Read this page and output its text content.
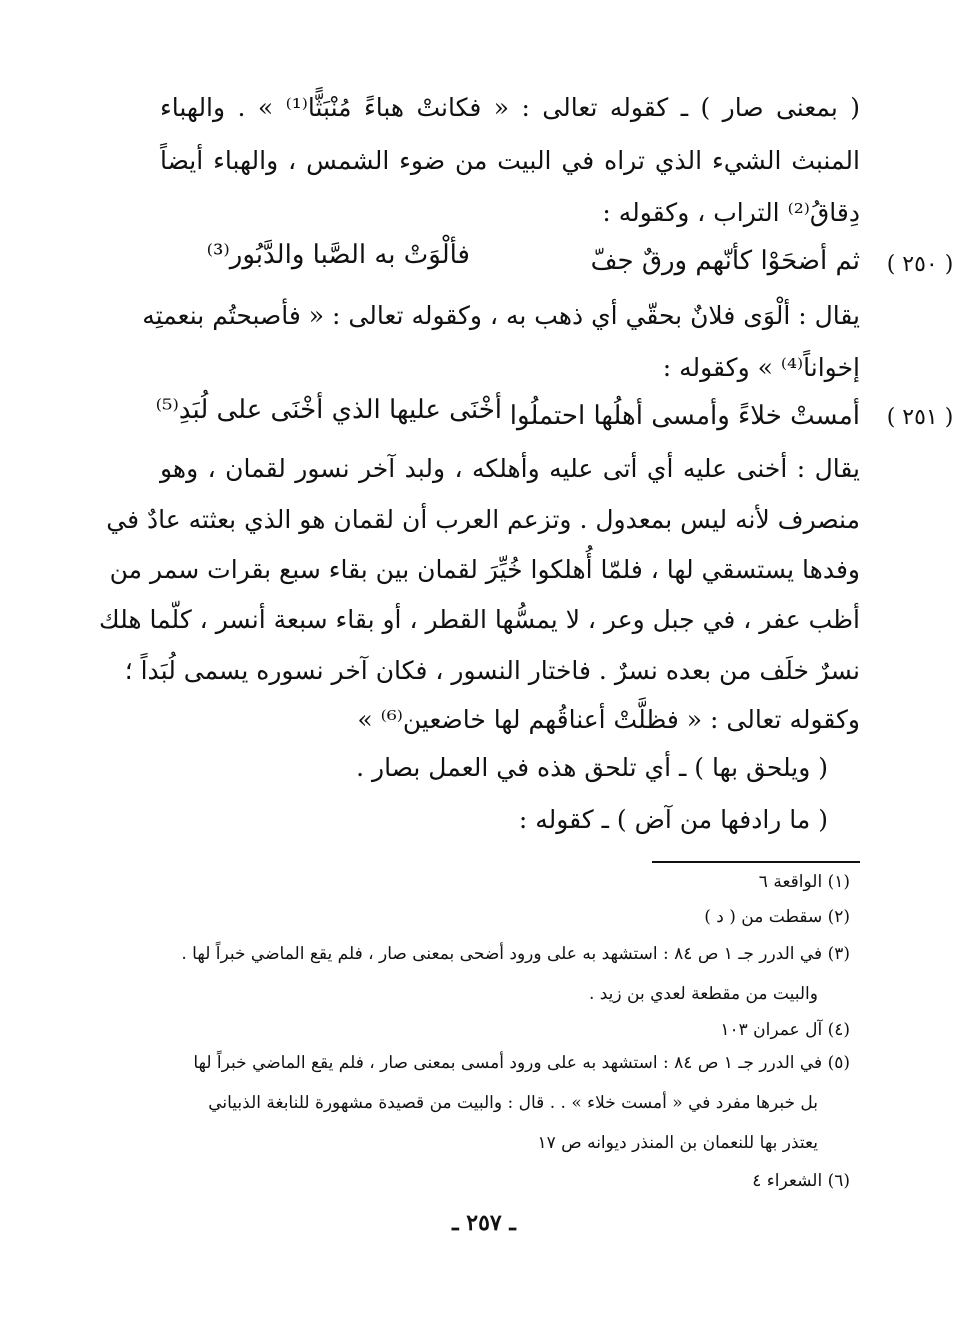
( بمعنى صار ) ـ كقوله تعالى : « فكانتْ هباءً مُنْبَثًّا⁽¹⁾ » . والهباء
المنبث الشيء الذي تراه في البيت من ضوء الشمس ، والهباء أيضاً
دِقاقُ⁽²⁾ التراب ، وكقوله :
( ٢٥٠ )
ثم أضحَوْا كأنّهم ورقٌ جفّ
فألْوَتْ به الصَّبا والدَّبُور⁽³⁾
يقال : ألْوَى فلانٌ بحقّي أي ذهب به ، وكقوله تعالى : « فأصبحتُم بنعمتِه
إخواناً⁽⁴⁾ » وكقوله :
( ٢٥١ )
أمستْ خلاءً وأمسى أهلُها احتملُوا
أخْنَى عليها الذي أخْنَى على لُبَدِ⁽⁵⁾
يقال : أخنى عليه أي أتى عليه وأهلكه ، ولبد آخر نسور لقمان ، وهو
منصرف لأنه ليس بمعدول . وتزعم العرب أن لقمان هو الذي بعثته عادٌ في
وفدها يستسقي لها ، فلمّا أُهلكوا خُيِّرَ لقمان بين بقاء سبع بقرات سمر من
أظب عفر ، في جبل وعر ، لا يمسُّها القطر ، أو بقاء سبعة أنسر ، كلّما هلك
نسرٌ خلَف من بعده نسرٌ . فاختار النسور ، فكان آخر نسوره يسمى لُبَداً ؛
وكقوله تعالى : « فظلَّتْ أعناقُهم لها خاضعين⁽⁶⁾ »
( ويلحق بها ) ـ أي تلحق هذه في العمل بصار .
( ما رادفها من آض ) ـ كقوله :
(١) الواقعة ٦
(٢) سقطت من ( د )
(٣) في الدرر جـ ١ ص ٨٤ : استشهد به على ورود أضحى بمعنى صار ، فلم يقع الماضي خبراً لها .
والبيت من مقطعة لعدي بن زيد .
(٤) آل عمران ١٠٣
(٥) في الدرر جـ ١ ص ٨٤ : استشهد به على ورود أمسى بمعنى صار ، فلم يقع الماضي خبراً لها
بل خبرها مفرد في « أمست خلاء » . . قال : والبيت من قصيدة مشهورة للنابغة الذبياني
يعتذر بها للنعمان بن المنذر ديوانه ص ١٧
(٦) الشعراء ٤
ـ ٢٥٧ ـ
